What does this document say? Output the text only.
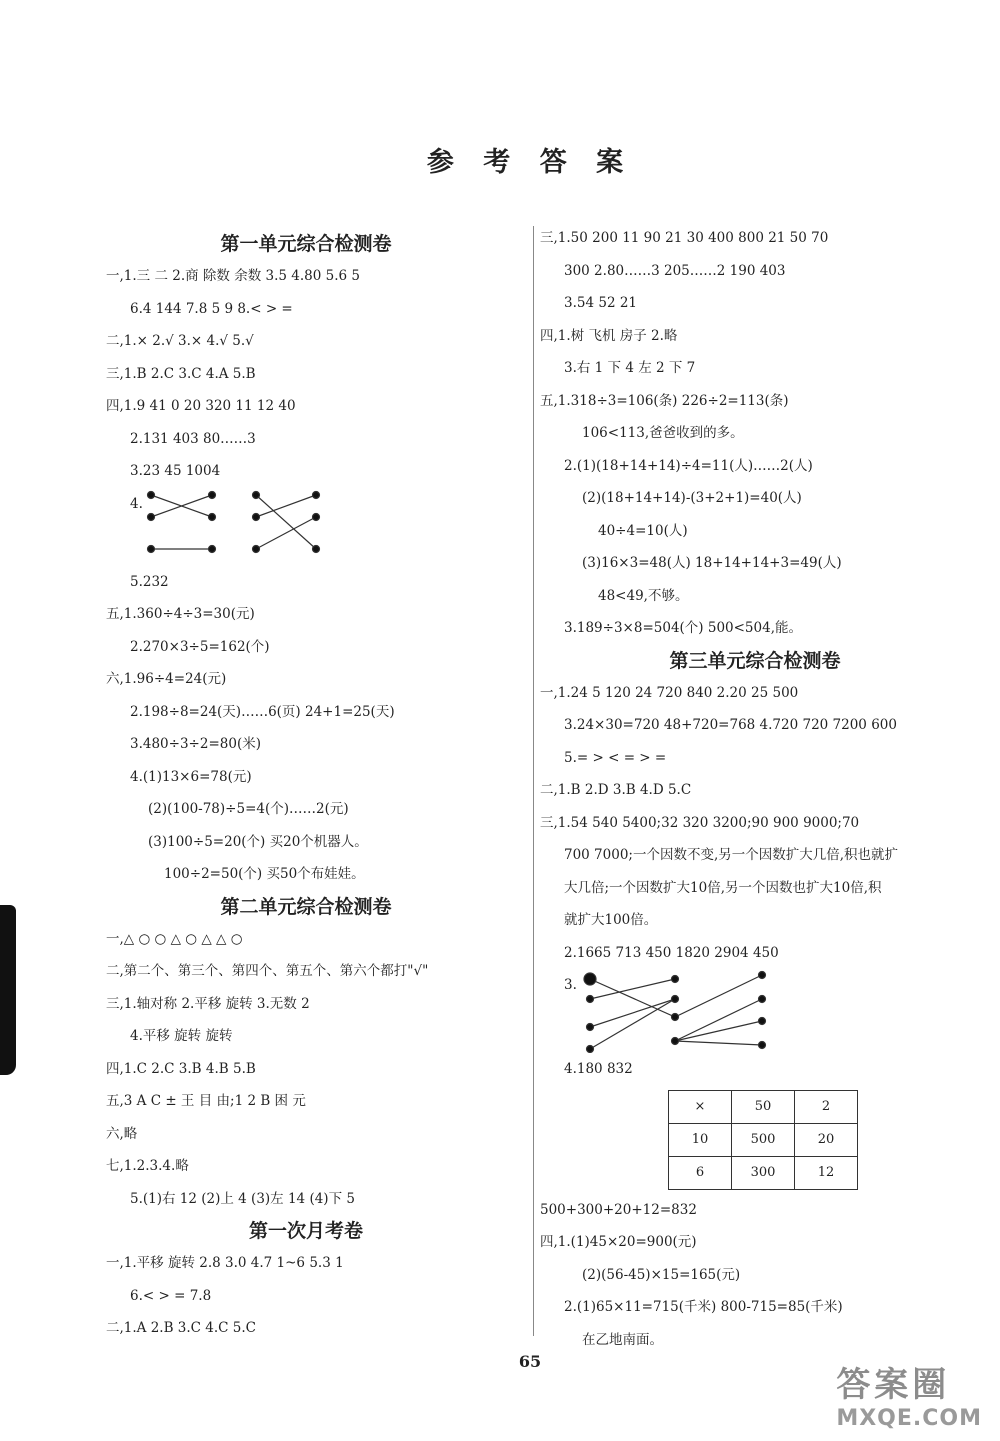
参 考 答 案
第一单元综合检测卷
一,1.三 二 2.商 除数 余数 3.5 4.80 5.6 5
6.4 144 7.8 5 9 8.< > =
二,1.× 2.√ 3.× 4.√ 5.√
三,1.B 2.C 3.C 4.A 5.B
四,1.9 41 0 20 320 11 12 40
2.131 403 80……3
3.23 45 1004
4.
5.232
五,1.360÷4÷3=30(元)
2.270×3÷5=162(个)
六,1.96÷4=24(元)
2.198÷8=24(天)……6(页) 24+1=25(天)
3.480÷3÷2=80(米)
4.(1)13×6=78(元)
(2)(100-78)÷5=4(个)……2(元)
(3)100÷5=20(个) 买20个机器人。
100÷2=50(个) 买50个布娃娃。
第二单元综合检测卷
一,△ ○ ○ △ ○ △ △ ○
二,第二个、第三个、第四个、第五个、第六个都打"√"
三,1.轴对称 2.平移 旋转 3.无数 2
4.平移 旋转 旋转
四,1.C 2.C 3.B 4.B 5.B
五,3 A C ± 王 目 由;1 2 B 困 元
六,略
七,1.2.3.4.略
5.(1)右 12 (2)上 4 (3)左 14 (4)下 5
第一次月考卷
一,1.平移 旋转 2.8 3.0 4.7 1~6 5.3 1
6.< > = 7.8
二,1.A 2.B 3.C 4.C 5.C
三,1.50 200 11 90 21 30 400 800 21 50 70
300 2.80……3 205……2 190 403
3.54 52 21
四,1.树 飞机 房子 2.略
3.右 1 下 4 左 2 下 7
五,1.318÷3=106(条) 226÷2=113(条)
106<113,爸爸收到的多。
2.(1)(18+14+14)÷4=11(人)……2(人)
(2)(18+14+14)-(3+2+1)=40(人)
40÷4=10(人)
(3)16×3=48(人) 18+14+14+3=49(人)
48<49,不够。
3.189÷3×8=504(个) 500<504,能。
第三单元综合检测卷
一,1.24 5 120 24 720 840 2.20 25 500
3.24×30=720 48+720=768 4.720 720 7200 600
5.= > < = > =
二,1.B 2.D 3.B 4.D 5.C
三,1.54 540 5400;32 320 3200;90 900 9000;70
700 7000;一个因数不变,另一个因数扩大几倍,积也就扩
大几倍;一个因数扩大10倍,另一个因数也扩大10倍,积
就扩大100倍。
2.1665 713 450 1820 2904 450
3.
4.180 832
×	50	2
10	500	20
6	300	12
500+300+20+12=832
四,1.(1)45×20=900(元)
(2)(56-45)×15=165(元)
2.(1)65×11=715(千米) 800-715=85(千米)
在乙地南面。
65
答案圈
MXQE.COM
